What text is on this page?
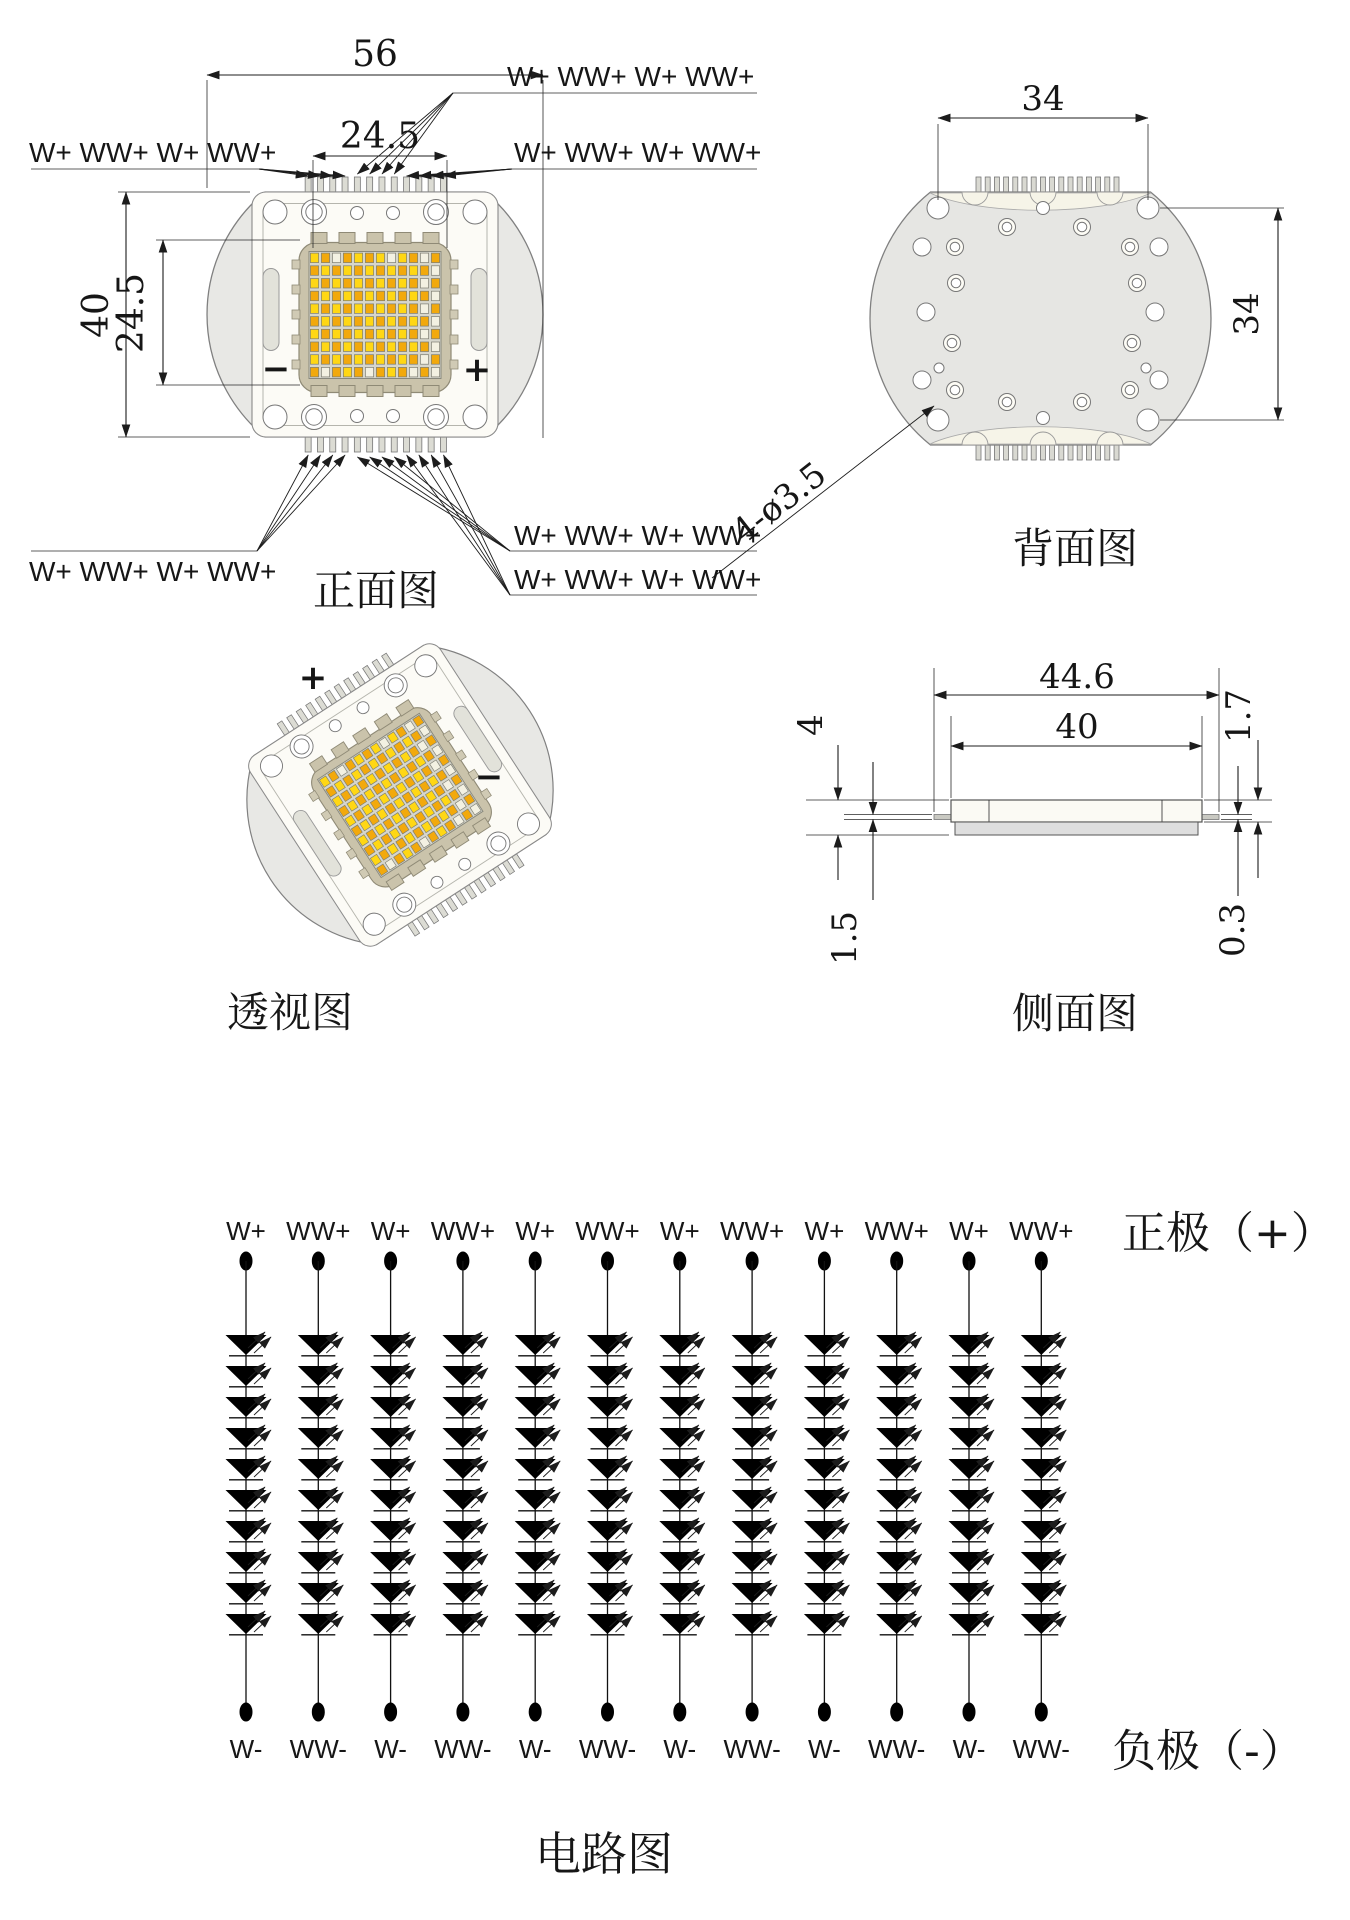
W+
W-
WW+
WW-
W+
W-
WW+
WW-
W+
W-
WW+
WW-
W+
W-
WW+
WW-
W+
W-
WW+
WW-
W+
W-
WW+
WW-
56
24.5
40
24.5
W+ WW+ W+ WW+
W+ WW+ W+ WW+
W+ WW+ W+ WW+
W+ WW+ W+ WW+
W+ WW+ W+ WW+
W+ WW+ W+ WW+
−	+
正面图
34
34
4-ø3.5	背面图
44.6
40
4
1.5
1.7
0.3
侧面图
+
−
透视图
正极（+）
负极（-）
电路图
